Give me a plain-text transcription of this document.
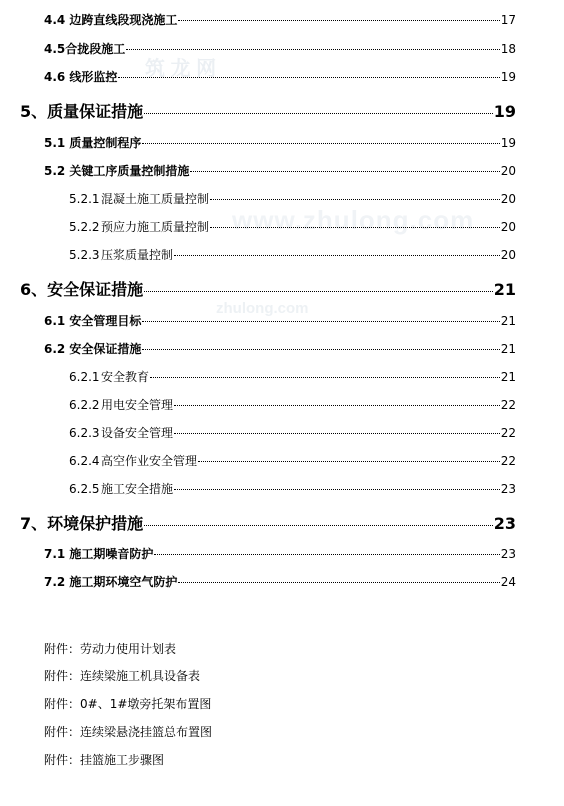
筑 龙 网
www.zhulong.com
zhulong.com
4.4 边跨直线段现浇施工	17
4.5合拢段施工	18
4.6 线形监控	19
5、质量保证措施	19
5.1 质量控制程序	19
5.2 关键工序质量控制措施	20
5.2.1混凝土施工质量控制	20
5.2.2预应力施工质量控制	20
5.2.3压浆质量控制	20
6、安全保证措施	21
6.1 安全管理目标	21
6.2 安全保证措施	21
6.2.1安全教育	21
6.2.2用电安全管理	22
6.2.3设备安全管理	22
6.2.4高空作业安全管理	22
6.2.5施工安全措施	23
7、环境保护措施	23
7.1 施工期噪音防护	23
7.2 施工期环境空气防护	24
附件：劳动力使用计划表
附件：连续梁施工机具设备表
附件：0#、1#墩旁托架布置图
附件：连续梁悬浇挂篮总布置图
附件：挂篮施工步骤图
